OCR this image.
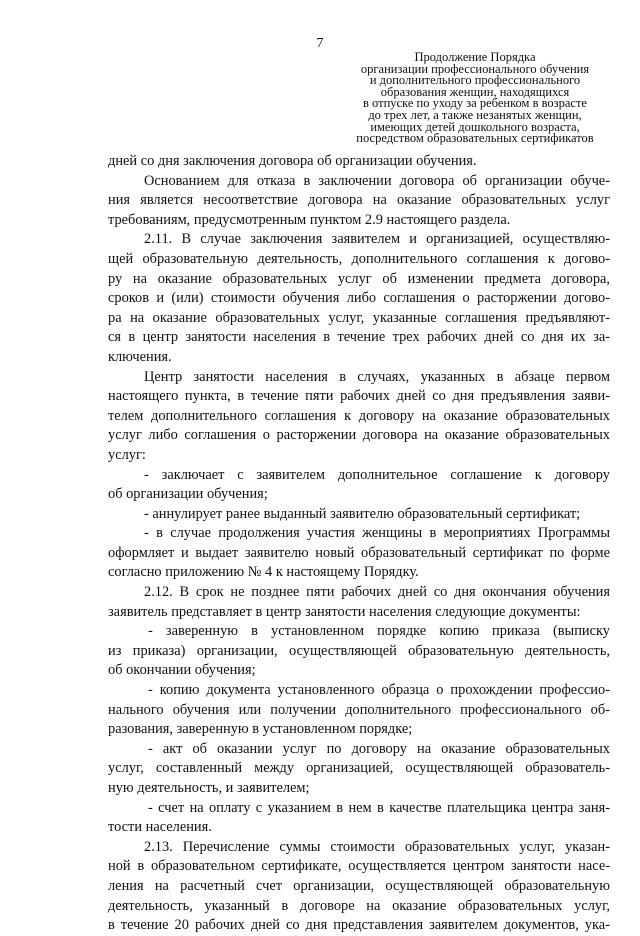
7
Продолжение Порядка
организации профессионального обучения
и дополнительного профессионального
образования женщин, находящихся
в отпуске по уходу за ребенком в возрасте
до трех лет, а также незанятых женщин,
имеющих детей дошкольного возраста,
посредством образовательных сертификатов
дней со дня заключения договора об организации обучения.
Основанием для отказа в заключении договора об организации обуче-
ния является несоответствие договора на оказание образовательных услуг
требованиям, предусмотренным пунктом 2.9 настоящего раздела.
2.11. В случае заключения заявителем и организацией, осуществляю-
щей образовательную деятельность, дополнительного соглашения к догово-
ру на оказание образовательных услуг об изменении предмета договора,
сроков и (или) стоимости обучения либо соглашения о расторжении догово-
ра на оказание образовательных услуг, указанные соглашения предъявляют-
ся в центр занятости населения в течение трех рабочих дней со дня их за-
ключения.
Центр занятости населения в случаях, указанных в абзаце первом
настоящего пункта, в течение пяти рабочих дней со дня предъявления заяви-
телем дополнительного соглашения к договору на оказание образовательных
услуг либо соглашения о расторжении договора на оказание образовательных
услуг:
- заключает с заявителем дополнительное соглашение к договору
об организации обучения;
- аннулирует ранее выданный заявителю образовательный сертификат;
- в случае продолжения участия женщины в мероприятиях Программы
оформляет и выдает заявителю новый образовательный сертификат по форме
согласно приложению № 4 к настоящему Порядку.
2.12. В срок не позднее пяти рабочих дней со дня окончания обучения
заявитель представляет в центр занятости населения следующие документы:
- заверенную в установленном порядке копию приказа (выписку
из приказа) организации, осуществляющей образовательную деятельность,
об окончании обучения;
- копию документа установленного образца о прохождении профессио-
нального обучения или получении дополнительного профессионального об-
разования, заверенную в установленном порядке;
- акт об оказании услуг по договору на оказание образовательных
услуг, составленный между организацией, осуществляющей образователь-
ную деятельность, и заявителем;
- счет на оплату с указанием в нем в качестве плательщика центра заня-
тости населения.
2.13. Перечисление суммы стоимости образовательных услуг, указан-
ной в образовательном сертификате, осуществляется центром занятости насе-
ления на расчетный счет организации, осуществляющей образовательную
деятельность, указанный в договоре на оказание образовательных услуг,
в течение 20 рабочих дней со дня представления заявителем документов, ука-
